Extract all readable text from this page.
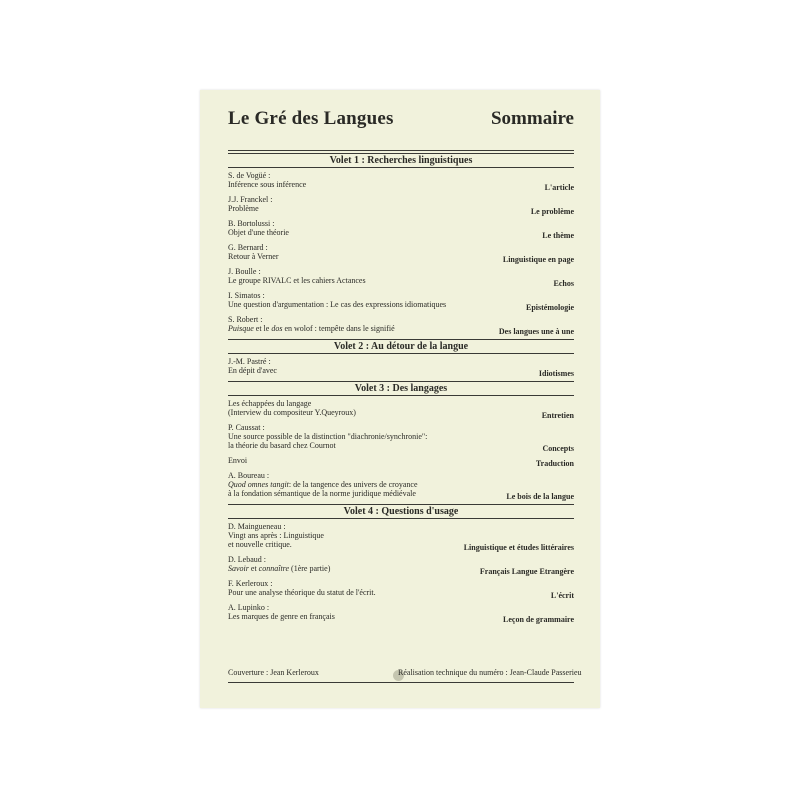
Le Gré des Langues	Sommaire
Volet 1 : Recherches linguistiques
S. de Vogüé :
Inférence sous inférence	L'article
J.J. Franckel :
Problème	Le problème
B. Bortolussi :
Objet d'une théorie	Le thème
G. Bernard :
Retour à Verner	Linguistique en page
J. Boulle :
Le groupe RIVALC et les cahiers Actances	Echos
I. Simatos :
Une question d'argumentation : Le cas des expressions idiomatiques	Epistémologie
S. Robert :
Puisque et le dos en wolof : tempête dans le signifié	Des langues une à une
Volet 2 : Au détour de la langue
J.-M. Pastré :
En dépit d'avec	Idiotismes
Volet 3 : Des langages
Les échappées du langage
(Interview du compositeur Y.Queyroux)	Entretien
P. Caussat :
Une source possible de la distinction "diachronie/synchronie":
la théorie du basard chez Cournot	Concepts
Envoi	Traduction
A. Boureau :
Quod omnes tangit: de la tangence des univers de croyance
à la fondation sémantique de la norme juridique médiévale	Le bois de la langue
Volet 4 : Questions d'usage
D. Maingueneau :
Vingt ans après : Linguistique
et nouvelle critique.	Linguistique et études littéraires
D. Lebaud :
Savoir et connaître (1ère partie)	Français Langue Etrangère
F. Kerleroux :
Pour une analyse théorique du statut de l'écrit.	L'écrit
A. Lupinko :
Les marques de genre en français	Leçon de grammaire
Couverture : Jean Kerleroux	Réalisation technique du numéro : Jean-Claude Passerieu
